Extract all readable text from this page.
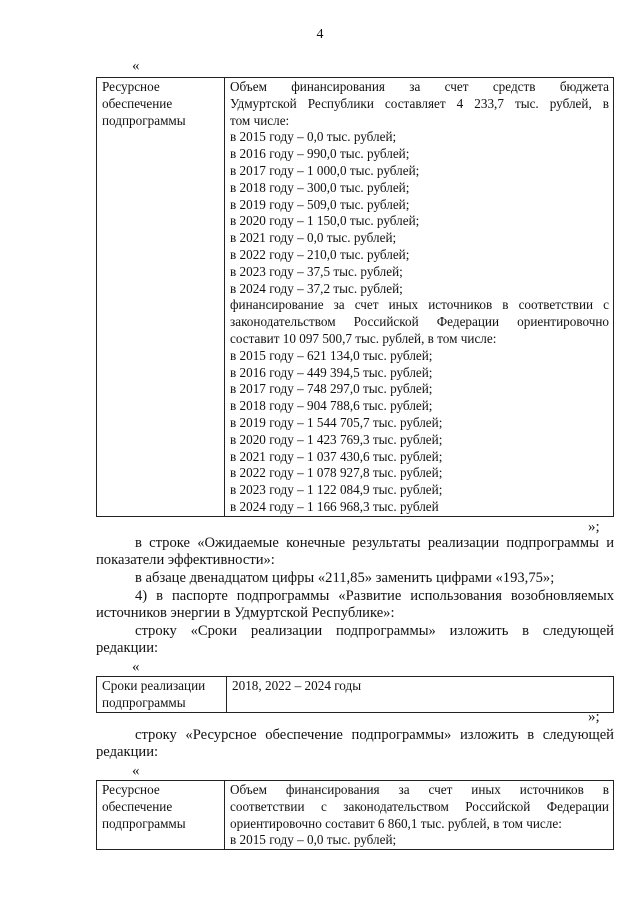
4
«
Ресурсное
обеспечение
подпрограммы

Объем финансирования за счет средств бюджета
Удмуртской Республики составляет 4 233,7 тыс. рублей, в
том числе:
в 2015 году – 0,0 тыс. рублей;
в 2016 году – 990,0 тыс. рублей;
в 2017 году – 1 000,0 тыс. рублей;
в 2018 году – 300,0 тыс. рублей;
в 2019 году – 509,0 тыс. рублей;
в 2020 году – 1 150,0 тыс. рублей;
в 2021 году – 0,0 тыс. рублей;
в 2022 году – 210,0 тыс. рублей;
в 2023 году – 37,5 тыс. рублей;
в 2024 году – 37,2 тыс. рублей;
финансирование за счет иных источников в соответствии с
законодательством Российской Федерации ориентировочно
составит 10 097 500,7 тыс. рублей, в том числе:
в 2015 году – 621 134,0 тыс. рублей;
в 2016 году – 449 394,5 тыс. рублей;
в 2017 году – 748 297,0 тыс. рублей;
в 2018 году – 904 788,6 тыс. рублей;
в 2019 году – 1 544 705,7 тыс. рублей;
в 2020 году – 1 423 769,3 тыс. рублей;
в 2021 году – 1 037 430,6 тыс. рублей;
в 2022 году – 1 078 927,8 тыс. рублей;
в 2023 году – 1 122 084,9 тыс. рублей;
в 2024 году – 1 166 968,3 тыс. рублей
»;
в строке «Ожидаемые конечные результаты реализации подпрограммы и показатели эффективности»:
в абзаце двенадцатом цифры «211,85» заменить цифрами «193,75»;
4) в паспорте подпрограммы «Развитие использования возобновляемых источников энергии в Удмуртской Республике»:
строку «Сроки реализации подпрограммы» изложить в следующей редакции:
«
Сроки реализации
подпрограммы

2018, 2022 – 2024 годы
»;
строку «Ресурсное обеспечение подпрограммы» изложить в следующей редакции:
«
Ресурсное
обеспечение
подпрограммы

Объем финансирования за счет иных источников в
соответствии с законодательством Российской Федерации
ориентировочно составит 6 860,1 тыс. рублей, в том числе:
в 2015 году – 0,0 тыс. рублей;
